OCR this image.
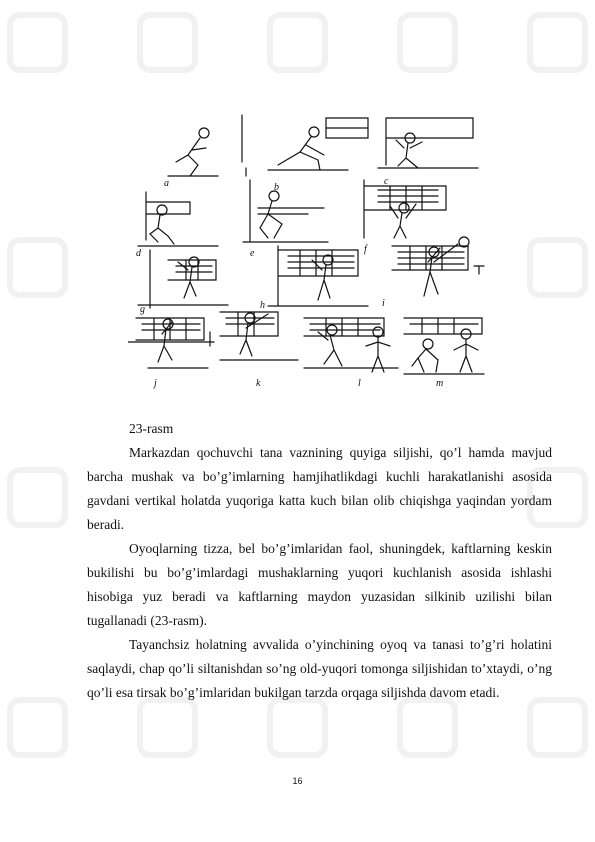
a	b
c
d	e	f
g	h	i
j	k	l	m
23-rasm

Markazdan qochuvchi tana vaznining quyiga siljishi, qo’l hamda mavjud barcha mushak va bo’g’imlarning hamjihatlikdagi kuchli harakatlanishi asosida gavdani vertikal holatda yuqoriga katta kuch bilan olib chiqishga yaqindan yordam beradi.

Oyoqlarning tizza, bel bo’g’imlaridan faol, shuningdek, kaftlarning keskin bukilishi bu bo’g’imlardagi mushaklarning yuqori kuchlanish asosida ishlashi hisobiga yuz beradi va kaftlarning maydon yuzasidan silkinib uzilishi bilan tugallanadi (23-rasm).

Tayanchsiz holatning avvalida o’yinchining oyoq va tanasi to’g’ri holatini saqlaydi, chap qo’li siltanishdan so’ng old-yuqori tomonga siljishidan to’xtaydi, o’ng qo’li esa tirsak bo’g’imlaridan bukilgan tarzda orqaga siljishda davom etadi.

16
